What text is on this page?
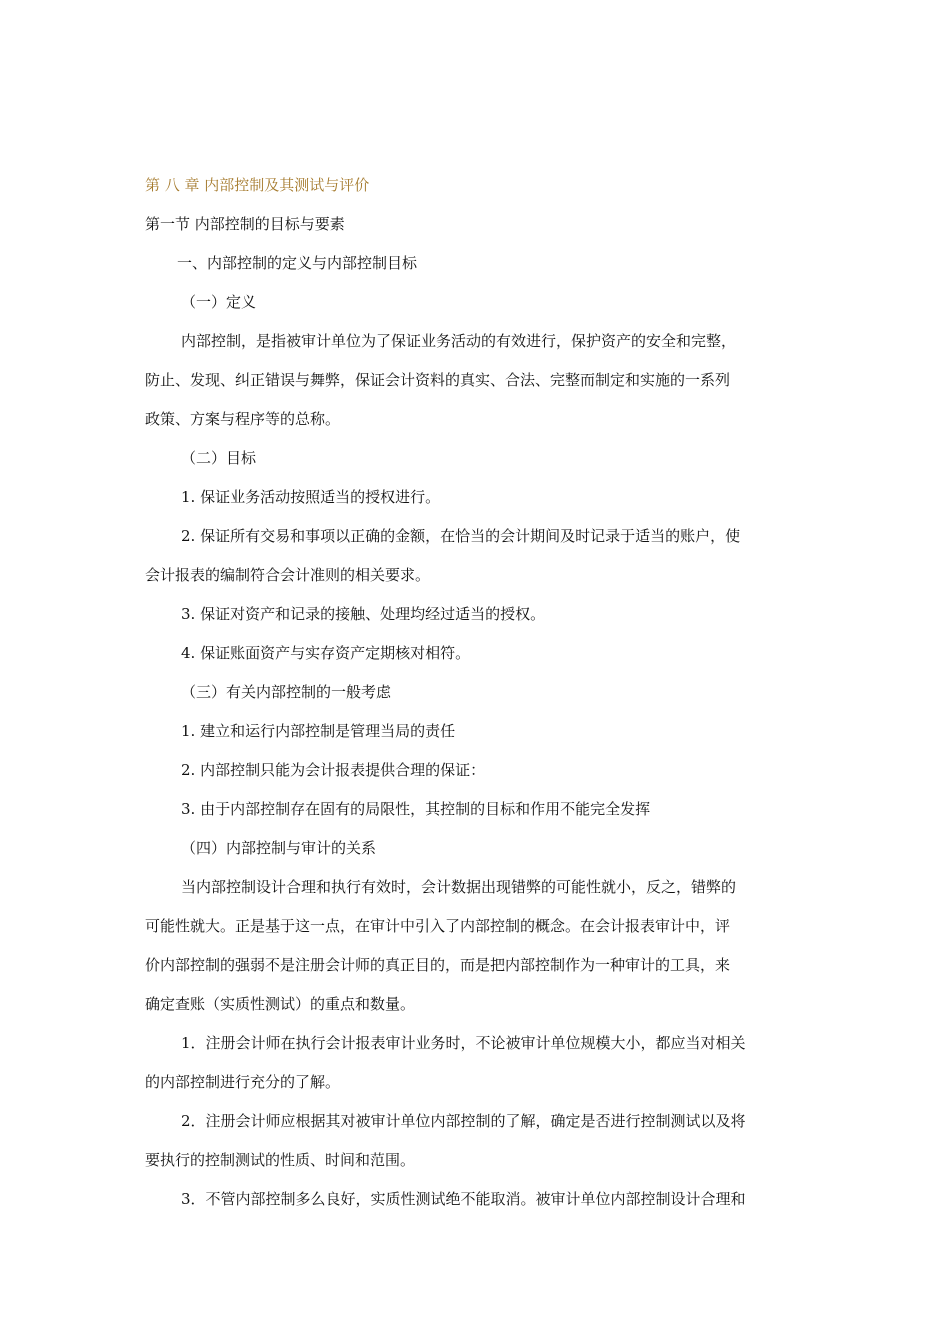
第 八 章 内部控制及其测试与评价
第一节 内部控制的目标与要素
一、内部控制的定义与内部控制目标
（一）定义
内部控制，是指被审计单位为了保证业务活动的有效进行，保护资产的安全和完整，
防止、发现、纠正错误与舞弊，保证会计资料的真实、合法、完整而制定和实施的一系列
政策、方案与程序等的总称。
（二）目标
1. 保证业务活动按照适当的授权进行。
2. 保证所有交易和事项以正确的金额，在恰当的会计期间及时记录于适当的账户，使
会计报表的编制符合会计准则的相关要求。
3. 保证对资产和记录的接触、处理均经过适当的授权。
4. 保证账面资产与实存资产定期核对相符。
（三）有关内部控制的一般考虑
1. 建立和运行内部控制是管理当局的责任
2. 内部控制只能为会计报表提供合理的保证：
3. 由于内部控制存在固有的局限性，其控制的目标和作用不能完全发挥
（四）内部控制与审计的关系
当内部控制设计合理和执行有效时，会计数据出现错弊的可能性就小，反之，错弊的
可能性就大。正是基于这一点，在审计中引入了内部控制的概念。在会计报表审计中，评
价内部控制的强弱不是注册会计师的真正目的，而是把内部控制作为一种审计的工具，来
确定查账（实质性测试）的重点和数量。
1．注册会计师在执行会计报表审计业务时，不论被审计单位规模大小，都应当对相关
的内部控制进行充分的了解。
2．注册会计师应根据其对被审计单位内部控制的了解，确定是否进行控制测试以及将
要执行的控制测试的性质、时间和范围。
3．不管内部控制多么良好，实质性测试绝不能取消。被审计单位内部控制设计合理和
